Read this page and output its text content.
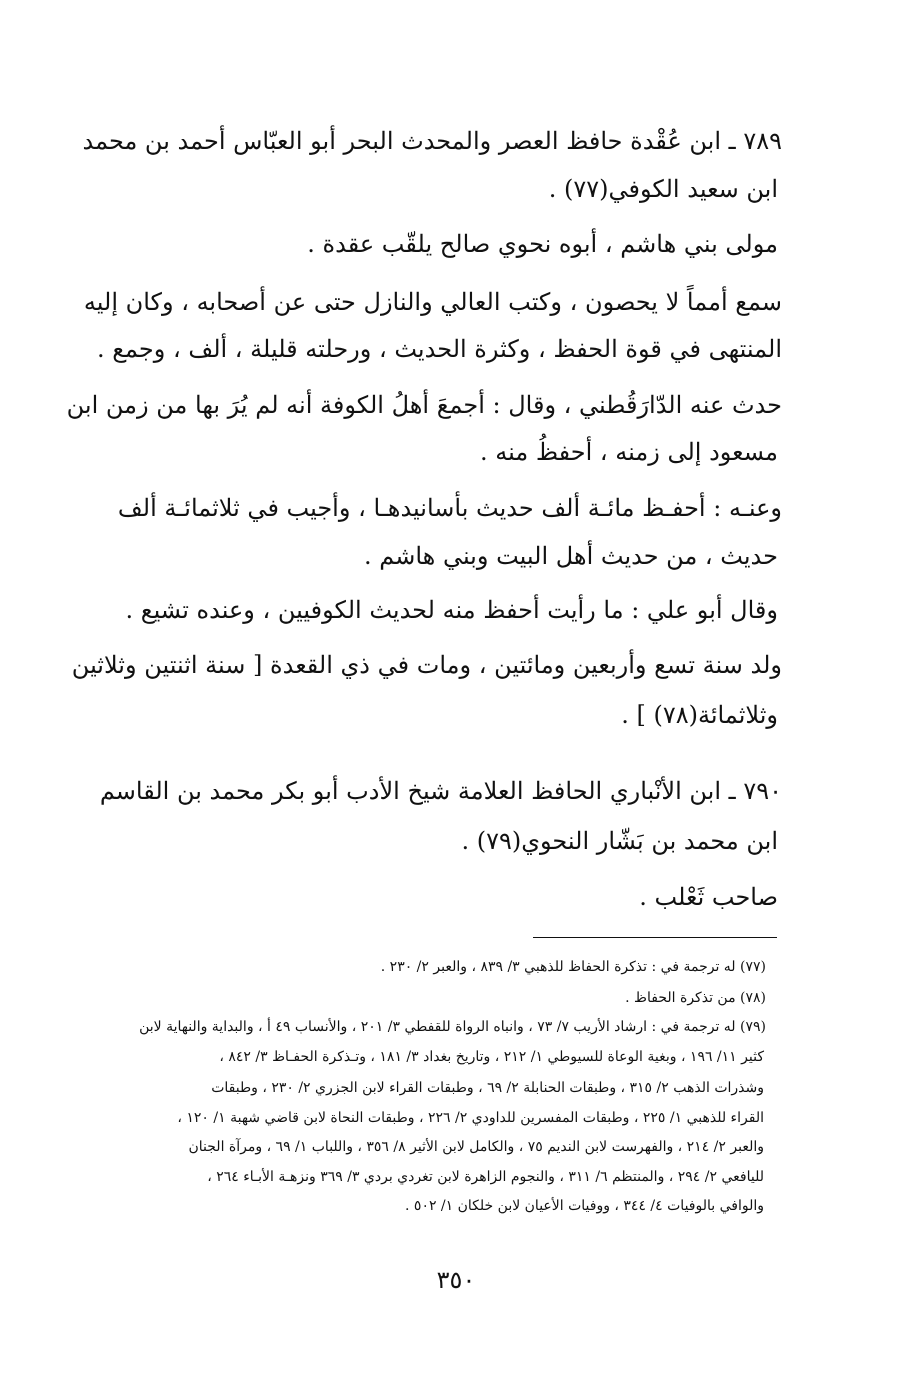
٧٨٩ ـ ابن عُقْدة حافظ العصر والمحدث البحر أبو العبّاس أحمد بن محمد
ابن سعيد الكوفي(٧٧) .
مولى بني هاشم ، أبوه نحوي صالح يلقّب عقدة .
سمع أمماً لا يحصون ، وكتب العالي والنازل حتى عن أصحابه ، وكان إليه
المنتهى في قوة الحفظ ، وكثرة الحديث ، ورحلته قليلة ، ألف ، وجمع .
حدث عنه الدّارَقُطني ، وقال : أجمعَ أهلُ الكوفة أنه لم يُرَ بها من زمن ابن
مسعود إلى زمنه ، أحفظُ منه .
وعنـه : أحفـظ مائـة ألف حديث بأسانيدهـا ، وأجيب في ثلاثمائـة ألف
حديث ، من حديث أهل البيت وبني هاشم .
وقال أبو علي : ما رأيت أحفظ منه لحديث الكوفيين ، وعنده تشيع .
ولد سنة تسع وأربعين ومائتين ، ومات في ذي القعدة [ سنة اثنتين وثلاثين
وثلاثمائة(٧٨) ] .
٧٩٠ ـ ابن الأنْباري الحافظ العلامة شيخ الأدب أبو بكر محمد بن القاسم
ابن محمد بن بَشّار النحوي(٧٩) .
صاحب ثَعْلب .
(٧٧) له ترجمة في : تذكرة الحفاظ للذهبي ٣/ ٨٣٩ ، والعبر ٢/ ٢٣٠ .
(٧٨) من تذكرة الحفاظ .
(٧٩) له ترجمة في : ارشاد الأريب ٧/ ٧٣ ، وانباه الرواة للقفطي ٣/ ٢٠١ ، والأنساب ٤٩ أ ، والبداية والنهاية لابن
كثير ١١/ ١٩٦ ، وبغية الوعاة للسيوطي ١/ ٢١٢ ، وتاريخ بغداد ٣/ ١٨١ ، وتـذكرة الحفـاظ ٣/ ٨٤٢ ،
وشذرات الذهب ٢/ ٣١٥ ، وطبقات الحنابلة ٢/ ٦٩ ، وطبقات القراء لابن الجزري ٢/ ٢٣٠ ، وطبقات
القراء للذهبي ١/ ٢٢٥ ، وطبقات المفسرين للداودي ٢/ ٢٢٦ ، وطبقات النحاة لابن قاضي شهبة ١/ ١٢٠ ،
والعبر ٢/ ٢١٤ ، والفهرست لابن النديم ٧٥ ، والكامل لابن الأثير ٨/ ٣٥٦ ، واللباب ١/ ٦٩ ، ومرآة الجنان
لليافعي ٢/ ٢٩٤ ، والمنتظم ٦/ ٣١١ ، والنجوم الزاهرة لابن تغردي بردي ٣/ ٣٦٩ ونزهـة الأبـاء ٢٦٤ ،
والوافي بالوفيات ٤/ ٣٤٤ ، ووفيات الأعيان لابن خلكان ١/ ٥٠٢ .
٣٥٠
